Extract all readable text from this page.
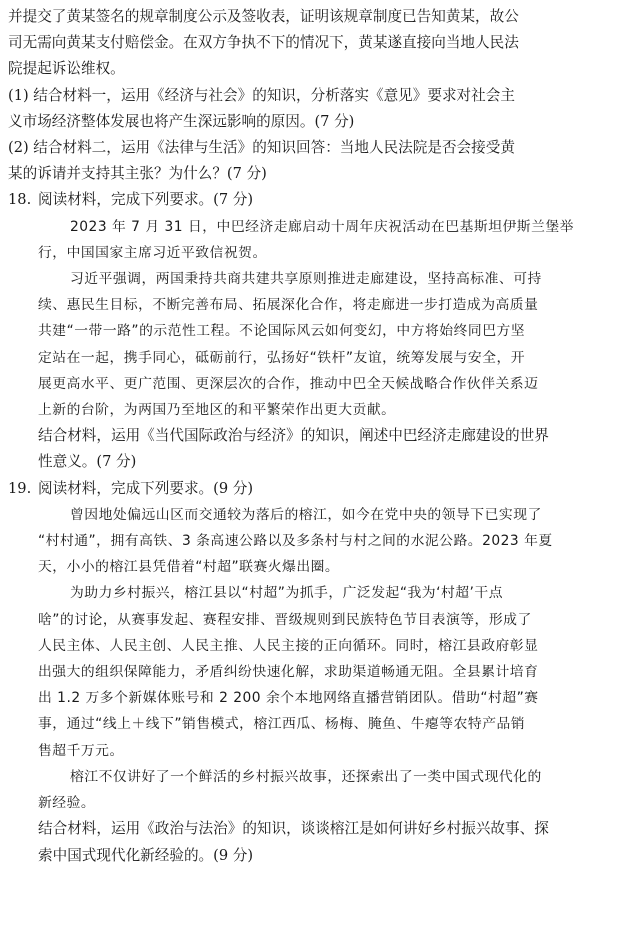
并提交了黄某签名的规章制度公示及签收表，证明该规章制度已告知黄某，故公
司无需向黄某支付赔偿金。在双方争执不下的情况下，黄某遂直接向当地人民法
院提起诉讼维权。
(1) 结合材料一，运用《经济与社会》的知识，分析落实《意见》要求对社会主
义市场经济整体发展也将产生深远影响的原因。(7 分)
(2) 结合材料二，运用《法律与生活》的知识回答：当地人民法院是否会接受黄
某的诉请并支持其主张？为什么？(7 分)
18. 阅读材料，完成下列要求。(7 分)
2023 年 7 月 31 日，中巴经济走廊启动十周年庆祝活动在巴基斯坦伊斯兰堡举
行，中国国家主席习近平致信祝贺。
习近平强调，两国秉持共商共建共享原则推进走廊建设，坚持高标准、可持
续、惠民生目标，不断完善布局、拓展深化合作，将走廊进一步打造成为高质量
共建“一带一路”的示范性工程。不论国际风云如何变幻，中方将始终同巴方坚
定站在一起，携手同心，砥砺前行，弘扬好“铁杆”友谊，统筹发展与安全，开
展更高水平、更广范围、更深层次的合作，推动中巴全天候战略合作伙伴关系迈
上新的台阶，为两国乃至地区的和平繁荣作出更大贡献。
结合材料，运用《当代国际政治与经济》的知识，阐述中巴经济走廊建设的世界
性意义。(7 分)
19. 阅读材料，完成下列要求。(9 分)
曾因地处偏远山区而交通较为落后的榕江，如今在党中央的领导下已实现了
“村村通”，拥有高铁、3 条高速公路以及多条村与村之间的水泥公路。2023 年夏
天，小小的榕江县凭借着“村超”联赛火爆出圈。
为助力乡村振兴，榕江县以“村超”为抓手，广泛发起“我为‘村超’干点
啥”的讨论，从赛事发起、赛程安排、晋级规则到民族特色节目表演等，形成了
人民主体、人民主创、人民主推、人民主接的正向循环。同时，榕江县政府彰显
出强大的组织保障能力，矛盾纠纷快速化解，求助渠道畅通无阻。全县累计培育
出 1.2 万多个新媒体账号和 2 200 余个本地网络直播营销团队。借助“村超”赛
事，通过“线上＋线下”销售模式，榕江西瓜、杨梅、腌鱼、牛瘪等农特产品销
售超千万元。
榕江不仅讲好了一个鲜活的乡村振兴故事，还探索出了一类中国式现代化的
新经验。
结合材料，运用《政治与法治》的知识，谈谈榕江是如何讲好乡村振兴故事、探
索中国式现代化新经验的。(9 分)
